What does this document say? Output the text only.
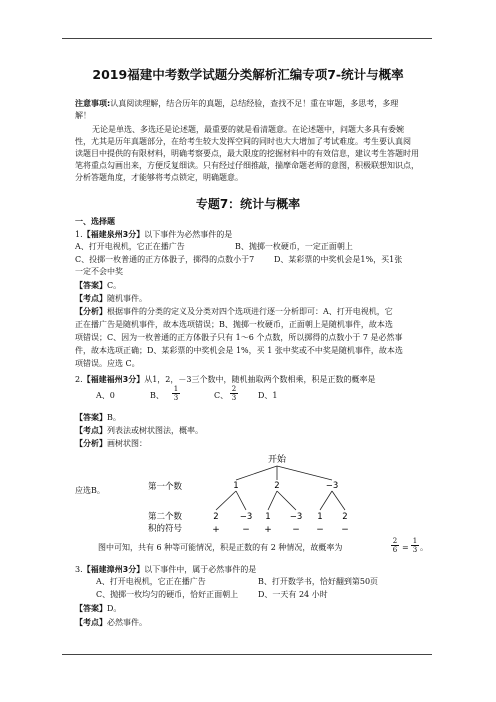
2019福建中考数学试题分类解析汇编专项7-统计与概率
注意事项:认真阅读理解，结合历年的真题，总结经验，查找不足！重在审题，多思考，多理
解！
无论是单选、多选还是论述题，最重要的就是看清题意。在论述题中，问题大多具有委婉
性，尤其是历年真题部分，在给考生较大发挥空间的同时也大大增加了考试难度。考生要认真阅
读题目中提供的有限材料，明确考察要点，最大限度的挖掘材料中的有效信息，建议考生答题时用
笔将重点勾画出来，方便反复细读。只有经过仔细推敲，揣摩命题老师的意图，积极联想知识点，
分析答题角度，才能够将考点锁定，明确题意。
专题7：统计与概率
一、选择题
1.【福建泉州3分】以下事件为必然事件的是
A、打开电视机，它正在播广告	B、抛掷一枚硬币，一定正面朝上
C、投掷一枚普通的正方体骰子，掷得的点数小于7 D、某彩票的中奖机会是1%，买1张
一定不会中奖
【答案】C。
【考点】随机事件。
【分析】根据事件的分类的定义及分类对四个选项进行逐一分析即可：A、打开电视机，它
正在播广告是随机事件，故本选项错误；B、抛掷一枚硬币，正面朝上是随机事件，故本选
项错误；C、因为一枚普通的正方体骰子只有 1～6 个点数，所以掷得的点数小于 7 是必然事
件，故本选项正确；D、某彩票的中奖机会是 1%，买 1 张中奖或不中奖是随机事件，故本选
项错误。应选 C。
2.【福建福州3分】从1，2，－3三个数中，随机抽取两个数相乘，积是正数的概率是
A、0	B、 $\frac{1}{3}$	C、 $\frac{2}{3}$	D、1
【答案】B。
【考点】列表法或树状图法，概率。
【分析】画树状图：
应选B。
开始
第一个数	1	2	−3
第二个数	2 −3 1 −3 1 2
积的符号	+ − + − − −
图中可知，共有 6 种等可能情况，积是正数的有 2 种情况，故概率为	$\frac{2}{6} = \frac{1}{3}$ 。
3.【福建漳州3分】以下事件中，属于必然事件的是
A、打开电视机，它正在播广告	B、打开数学书，恰好翻到第50页
C、抛掷一枚均匀的硬币，恰好正面朝上 D、一天有 24 小时
【答案】D。
【考点】必然事件。
